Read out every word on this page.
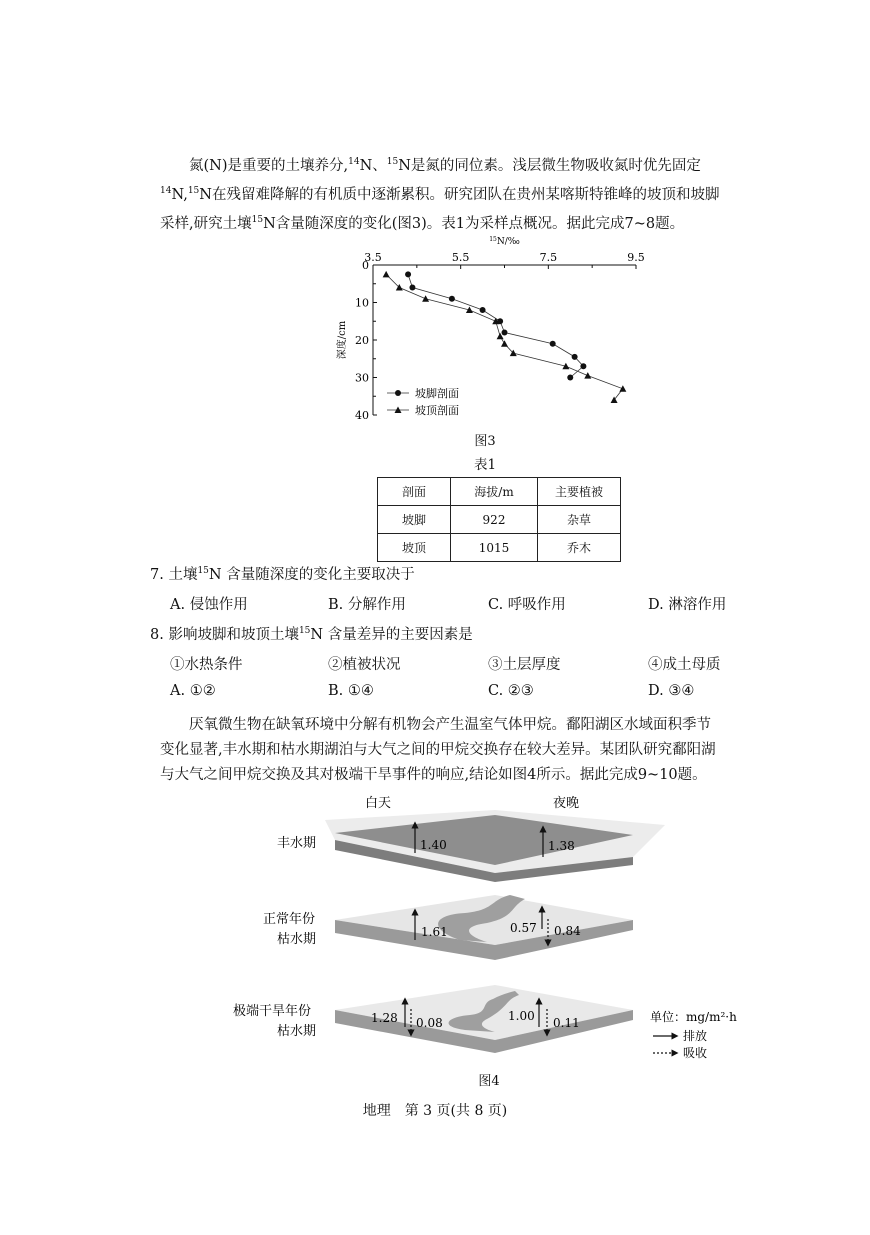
氮(N)是重要的土壤养分,$^{14}$N、$^{15}$N是氮的同位素。浅层微生物吸收氮时优先固定$^{14}$N,$^{15}$N在残留难降解的有机质中逐渐累积。研究团队在贵州某喀斯特锥峰的坡顶和坡脚采样,研究土壤$^{15}$N含量随深度的变化(图3)。表1为采样点概况。据此完成7~8题。

$^{15}$N/‰
深度/cm
3.5	5.5	7.5	9.5
0
10
20
30
40
坡脚剖面
坡顶剖面
图3
表1
剖面	海拔/m	主要植被
坡脚	922	杂草
坡顶	1015	乔木
7. 土壤$^{15}$N 含量随深度的变化主要取决于
A. 侵蚀作用	B. 分解作用	C. 呼吸作用	D. 淋溶作用
8. 影响坡脚和坡顶土壤$^{15}$N 含量差异的主要因素是
①水热条件	②植被状况	③土层厚度	④成土母质
A. ①②	B. ①④	C. ②③	D. ③④

厌氧微生物在缺氧环境中分解有机物会产生温室气体甲烷。鄱阳湖区水域面积季节变化显著,丰水期和枯水期湖泊与大气之间的甲烷交换存在较大差异。某团队研究鄱阳湖与大气之间甲烷交换及其对极端干旱事件的响应,结论如图4所示。据此完成9~10题。

白天	夜晚
1.40	1.38
丰水期
1.61	0.57 0.84
正常年份
枯水期
1.28 0.08	1.00 0.11
极端干旱年份
枯水期
单位：mg/m²·h
排放
吸收
图4
地理　第 3 页(共 8 页)
